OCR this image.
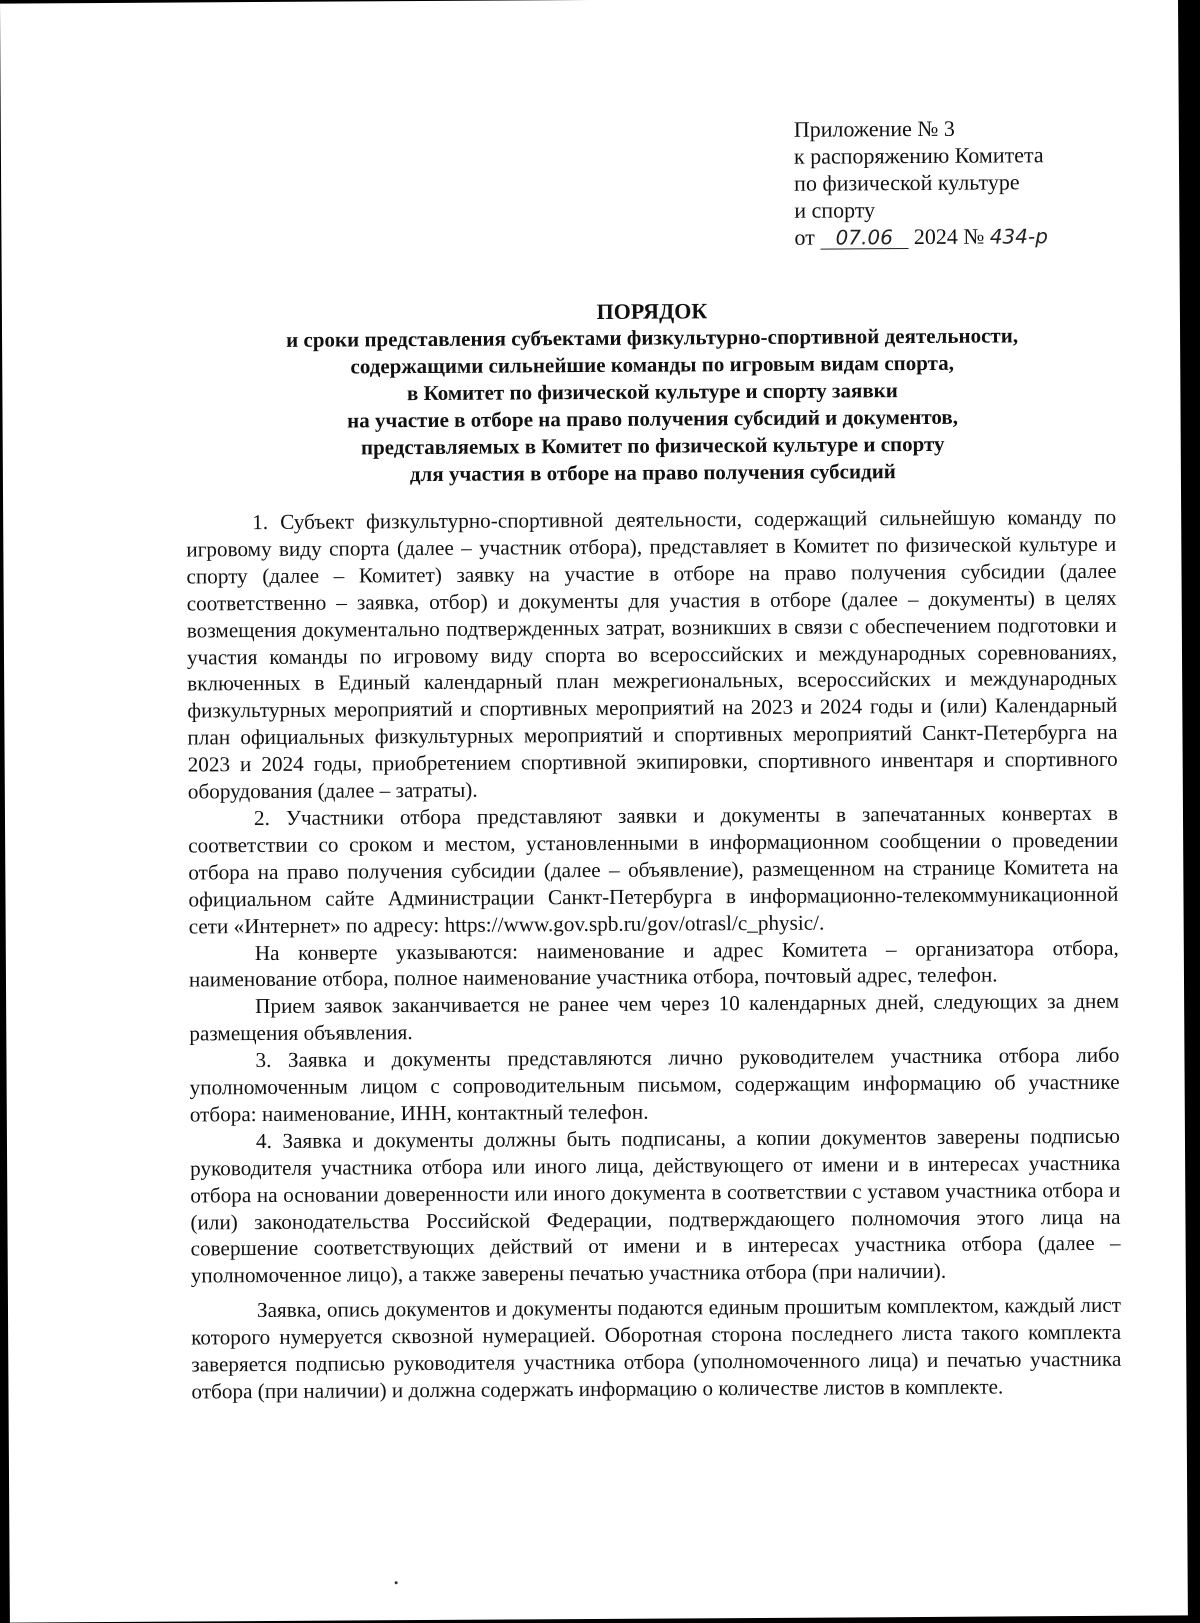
Приложение № 3
к распоряжению Комитета
по физической культуре
и спорту
от 07.06 2024 № 434-р
ПОРЯДОК
и сроки представления субъектами физкультурно-спортивной деятельности,
содержащими сильнейшие команды по игровым видам спорта,
в Комитет по физической культуре и спорту заявки
на участие в отборе на право получения субсидий и документов,
представляемых в Комитет по физической культуре и спорту
для участия в отборе на право получения субсидий

1. Субъект физкультурно-спортивной деятельности, содержащий сильнейшую команду по игровому виду спорта (далее – участник отбора), представляет в Комитет по физической культуре и спорту (далее – Комитет) заявку на участие в отборе на право получения субсидии (далее соответственно – заявка, отбор) и документы для участия в отборе (далее – документы) в целях возмещения документально подтвержденных затрат, возникших в связи с обеспечением подготовки и участия команды по игровому виду спорта во всероссийских и международных соревнованиях, включенных в Единый календарный план межрегиональных, всероссийских и международных физкультурных мероприятий и спортивных мероприятий на 2023 и 2024 годы и (или) Календарный план официальных физкультурных мероприятий и спортивных мероприятий Санкт-Петербурга на 2023 и 2024 годы, приобретением спортивной экипировки, спортивного инвентаря и спортивного оборудования (далее – затраты).

2. Участники отбора представляют заявки и документы в запечатанных конвертах в соответствии со сроком и местом, установленными в информационном сообщении о проведении отбора на право получения субсидии (далее – объявление), размещенном на странице Комитета на официальном сайте Администрации Санкт-Петербурга в информационно-телекоммуникационной сети «Интернет» по адресу: https://www.gov.spb.ru/gov/otrasl/c_physic/.

На конверте указываются: наименование и адрес Комитета – организатора отбора, наименование отбора, полное наименование участника отбора, почтовый адрес, телефон.

Прием заявок заканчивается не ранее чем через 10 календарных дней, следующих за днем размещения объявления.

3. Заявка и документы представляются лично руководителем участника отбора либо уполномоченным лицом с сопроводительным письмом, содержащим информацию об участнике отбора: наименование, ИНН, контактный телефон.

4. Заявка и документы должны быть подписаны, а копии документов заверены подписью руководителя участника отбора или иного лица, действующего от имени и в интересах участника отбора на основании доверенности или иного документа в соответствии с уставом участника отбора и (или) законодательства Российской Федерации, подтверждающего полномочия этого лица на совершение соответствующих действий от имени и в интересах участника отбора (далее – уполномоченное лицо), а также заверены печатью участника отбора (при наличии).

Заявка, опись документов и документы подаются единым прошитым комплектом, каждый лист которого нумеруется сквозной нумерацией. Оборотная сторона последнего листа такого комплекта заверяется подписью руководителя участника отбора (уполномоченного лица) и печатью участника отбора (при наличии) и должна содержать информацию о количестве листов в комплекте.
